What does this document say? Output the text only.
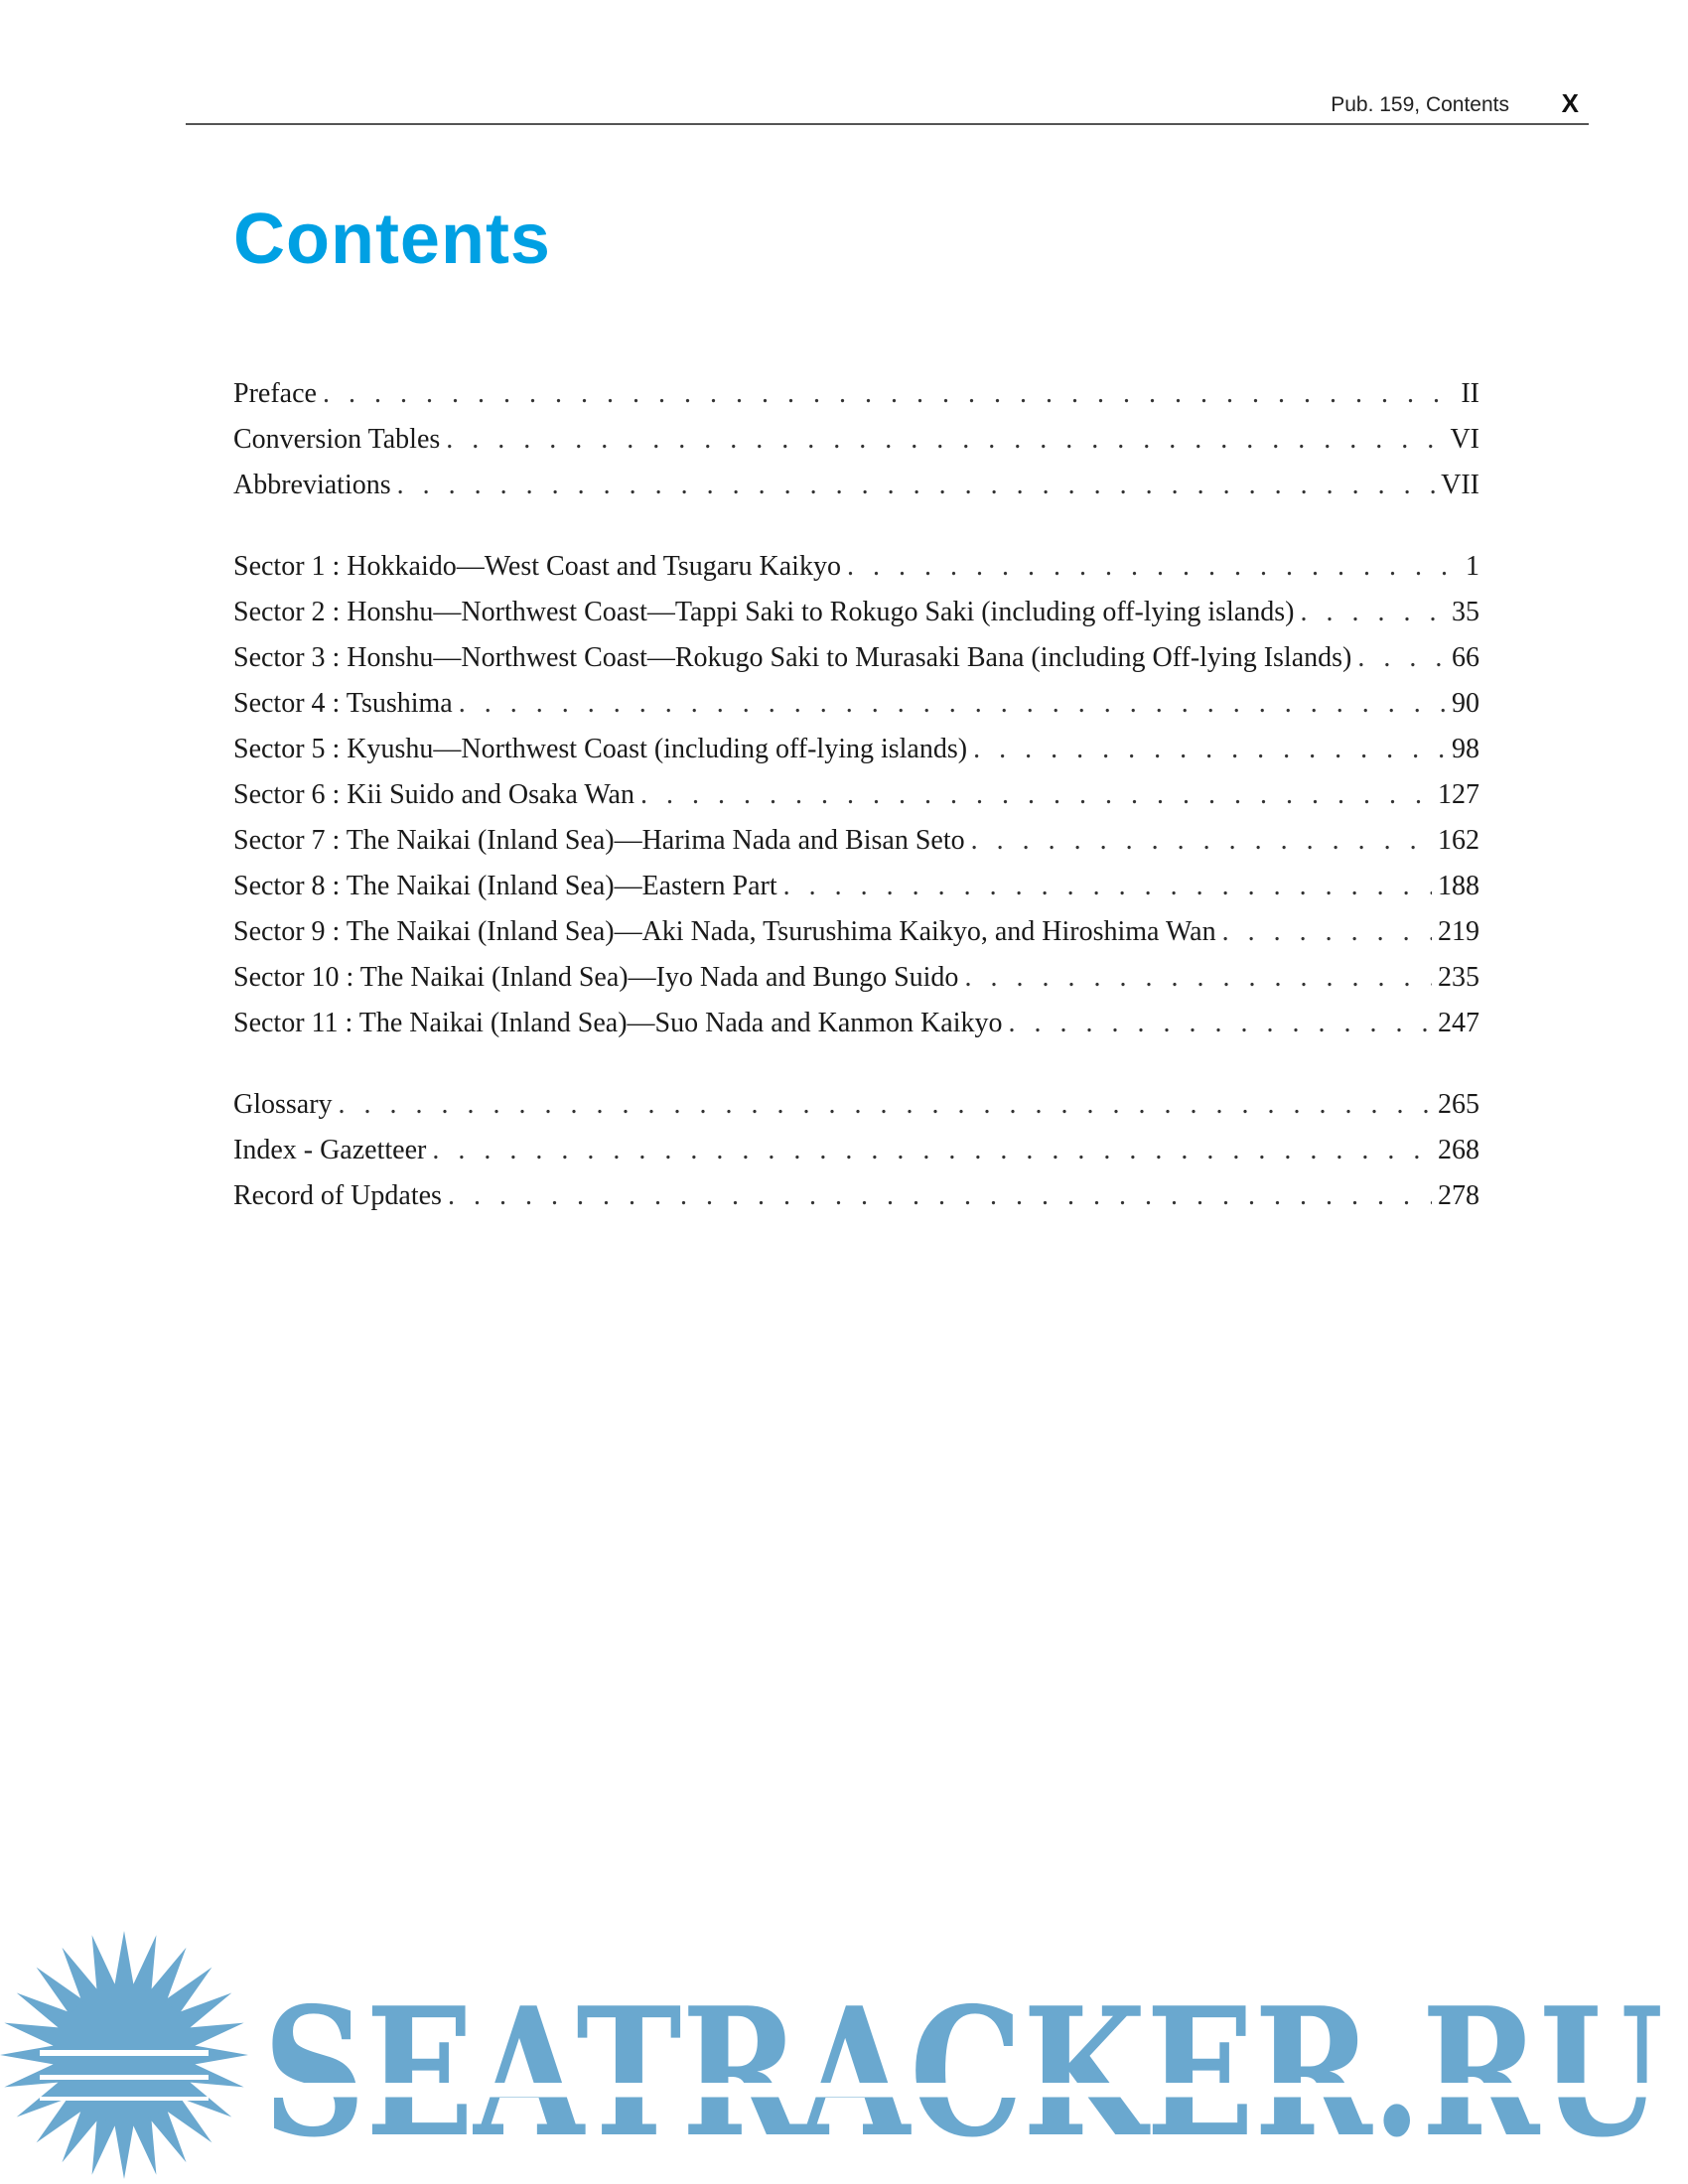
Pub. 159, Contents X
Contents
Preface . . .	II
Conversion Tables . . .	VI
Abbreviations . . .	VII
Sector 1 : Hokkaido—West Coast and Tsugaru Kaikyo . . .	1
Sector 2 : Honshu—Northwest Coast—Tappi Saki to Rokugo Saki (including off-lying islands) . . .	35
Sector 3 : Honshu—Northwest Coast—Rokugo Saki to Murasaki Bana (including Off-lying Islands) . . .	66
Sector 4 : Tsushima . . .	90
Sector 5 : Kyushu—Northwest Coast (including off-lying islands) . . .	98
Sector 6 : Kii Suido and Osaka Wan . . .	127
Sector 7 : The Naikai (Inland Sea)—Harima Nada and Bisan Seto . . .	162
Sector 8 : The Naikai (Inland Sea)—Eastern Part . . .	188
Sector 9 : The Naikai (Inland Sea)—Aki Nada, Tsurushima Kaikyo, and Hiroshima Wan . . .	219
Sector 10 : The Naikai (Inland Sea)—Iyo Nada and Bungo Suido . . .	235
Sector 11 : The Naikai (Inland Sea)—Suo Nada and Kanmon Kaikyo . . .	247
Glossary . . .	265
Index - Gazetteer . . .	268
Record of Updates . . .	278
SEATRACKER.RU
